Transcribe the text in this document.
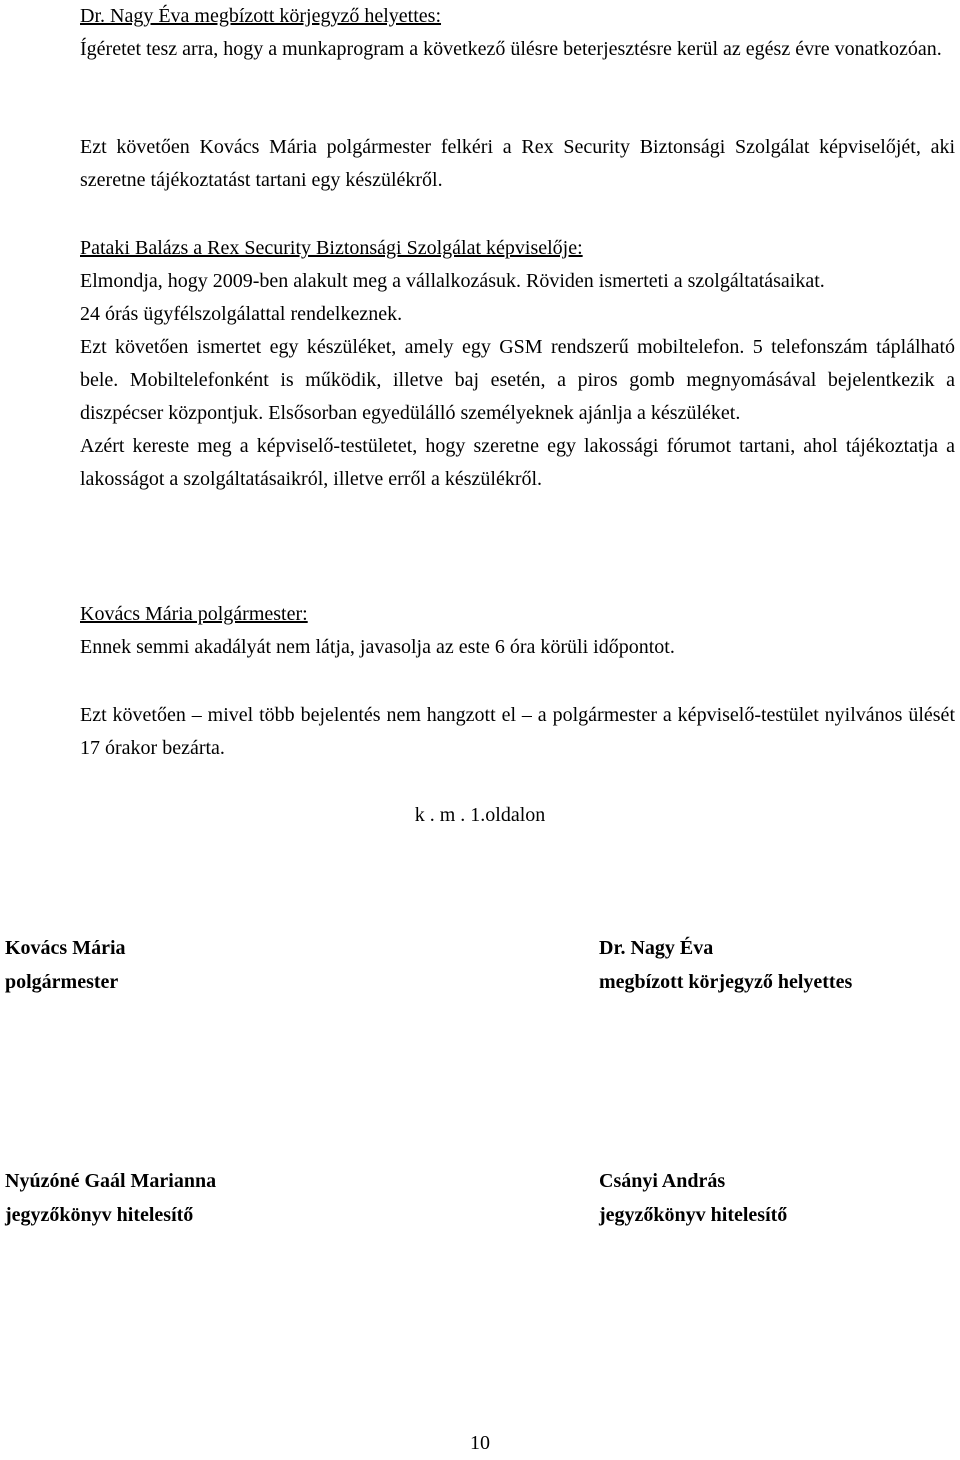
Dr. Nagy Éva megbízott körjegyző helyettes:
Ígéretet tesz arra, hogy a munkaprogram a következő ülésre beterjesztésre kerül az egész évre vonatkozóan.
Ezt követően Kovács Mária polgármester felkéri a Rex Security Biztonsági Szolgálat képviselőjét, aki szeretne tájékoztatást tartani egy készülékről.
Pataki Balázs a Rex Security Biztonsági Szolgálat képviselője:
Elmondja, hogy 2009-ben alakult meg a vállalkozásuk. Röviden ismerteti a szolgáltatásaikat.
24 órás ügyfélszolgálattal rendelkeznek.
Ezt követően ismertet egy készüléket, amely egy GSM rendszerű mobiltelefon. 5 telefonszám táplálható bele. Mobiltelefonként is működik, illetve baj esetén, a piros gomb megnyomásával bejelentkezik a diszpécser központjuk. Elsősorban egyedülálló személyeknek ajánlja a készüléket.
Azért kereste meg a képviselő-testületet, hogy szeretne egy lakossági fórumot tartani, ahol tájékoztatja a lakosságot a szolgáltatásaikról, illetve erről a készülékről.
Kovács Mária polgármester:
Ennek semmi akadályát nem látja, javasolja az este 6 óra körüli időpontot.
Ezt követően – mivel több bejelentés nem hangzott el – a polgármester a képviselő-testület nyilvános ülését 17 órakor bezárta.
k . m . 1.oldalon
Kovács Mária
polgármester
Dr. Nagy Éva
megbízott körjegyző helyettes
Nyúzóné Gaál Marianna
jegyzőkönyv hitelesítő
Csányi András
jegyzőkönyv hitelesítő
10
